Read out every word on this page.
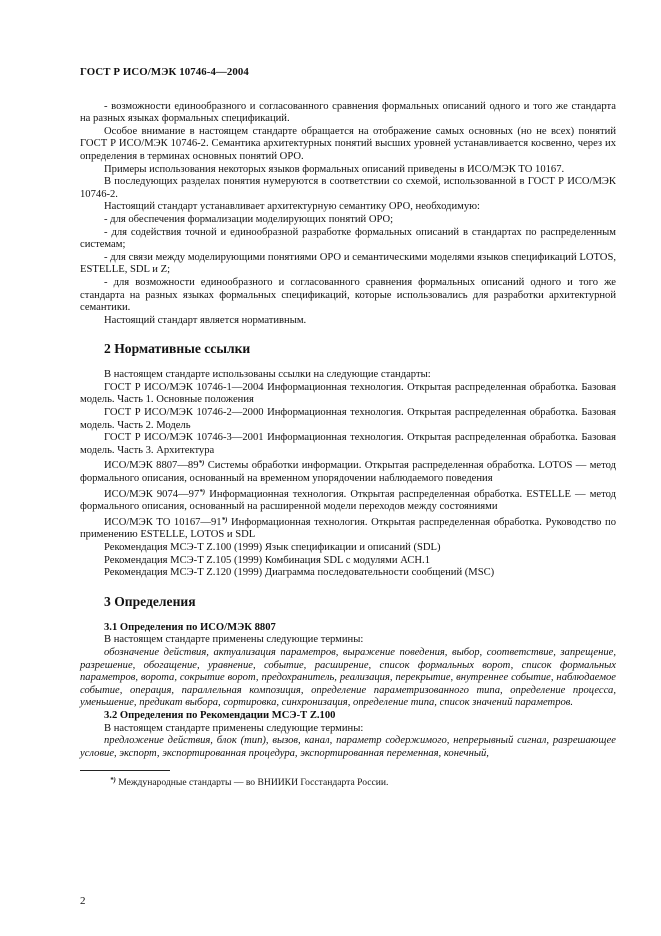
ГОСТ Р ИСО/МЭК 10746-4—2004

- возможности единообразного и согласованного сравнения формальных описаний одного и того же стандарта на разных языках формальных спецификаций.

Особое внимание в настоящем стандарте обращается на отображение самых основных (но не всех) понятий ГОСТ Р ИСО/МЭК 10746-2. Семантика архитектурных понятий высших уровней устанавливается косвенно, через их определения в терминах основных понятий ОРО.

Примеры использования некоторых языков формальных описаний приведены в ИСО/МЭК ТО 10167.

В последующих разделах понятия нумеруются в соответствии со схемой, использованной в ГОСТ Р ИСО/МЭК 10746-2.

Настоящий стандарт устанавливает архитектурную семантику ОРО, необходимую:

- для обеспечения формализации моделирующих понятий ОРО;

- для содействия точной и единообразной разработке формальных описаний в стандартах по распределенным системам;

- для связи между моделирующими понятиями ОРО и семантическими моделями языков спецификаций LOTOS, ESTELLE, SDL и Z;

- для возможности единообразного и согласованного сравнения формальных описаний одного и того же стандарта на разных языках формальных спецификаций, которые использовались для разработки архитектурной семантики.

Настоящий стандарт является нормативным.

2 Нормативные ссылки

В настоящем стандарте использованы ссылки на следующие стандарты:

ГОСТ Р ИСО/МЭК 10746-1—2004 Информационная технология. Открытая распределенная обработка. Базовая модель. Часть 1. Основные положения

ГОСТ Р ИСО/МЭК 10746-2—2000 Информационная технология. Открытая распределенная обработка. Базовая модель. Часть 2. Модель

ГОСТ Р ИСО/МЭК 10746-3—2001 Информационная технология. Открытая распределенная обработка. Базовая модель. Часть 3. Архитектура

ИСО/МЭК 8807—89*) Системы обработки информации. Открытая распределенная обработка. LOTOS — метод формального описания, основанный на временном упорядочении наблюдаемого поведения

ИСО/МЭК 9074—97*) Информационная технология. Открытая распределенная обработка. ESTELLE — метод формального описания, основанный на расширенной модели переходов между состояниями

ИСО/МЭК ТО 10167—91*) Информационная технология. Открытая распределенная обработка. Руководство по применению ESTELLE, LOTOS и SDL

Рекомендация МСЭ-Т Z.100 (1999) Язык спецификации и описаний (SDL)

Рекомендация МСЭ-Т Z.105 (1999) Комбинация SDL с модулями АСН.1

Рекомендация МСЭ-Т Z.120 (1999) Диаграмма последовательности сообщений (MSC)

3 Определения
3.1 Определения по ИСО/МЭК 8807

В настоящем стандарте применены следующие термины:

обозначение действия, актуализация параметров, выражение поведения, выбор, соответствие, запрещение, разрешение, обогащение, уравнение, событие, расширение, список формальных ворот, список формальных параметров, ворота, сокрытие ворот, предохранитель, реализация, перекрытие, внутреннее событие, наблюдаемое событие, операция, параллельная композиция, определение параметризованного типа, определение процесса, уменьшение, предикат выбора, сортировка, синхронизация, определение типа, список значений параметров.

3.2 Определения по Рекомендации МСЭ-Т Z.100

В настоящем стандарте применены следующие термины:

предложение действия, блок (тип), вызов, канал, параметр содержимого, непрерывный сигнал, разрешающее условие, экспорт, экспортированная процедура, экспортированная переменная, конечный,

*) Международные стандарты — во ВНИИКИ Госстандарта России.
2
